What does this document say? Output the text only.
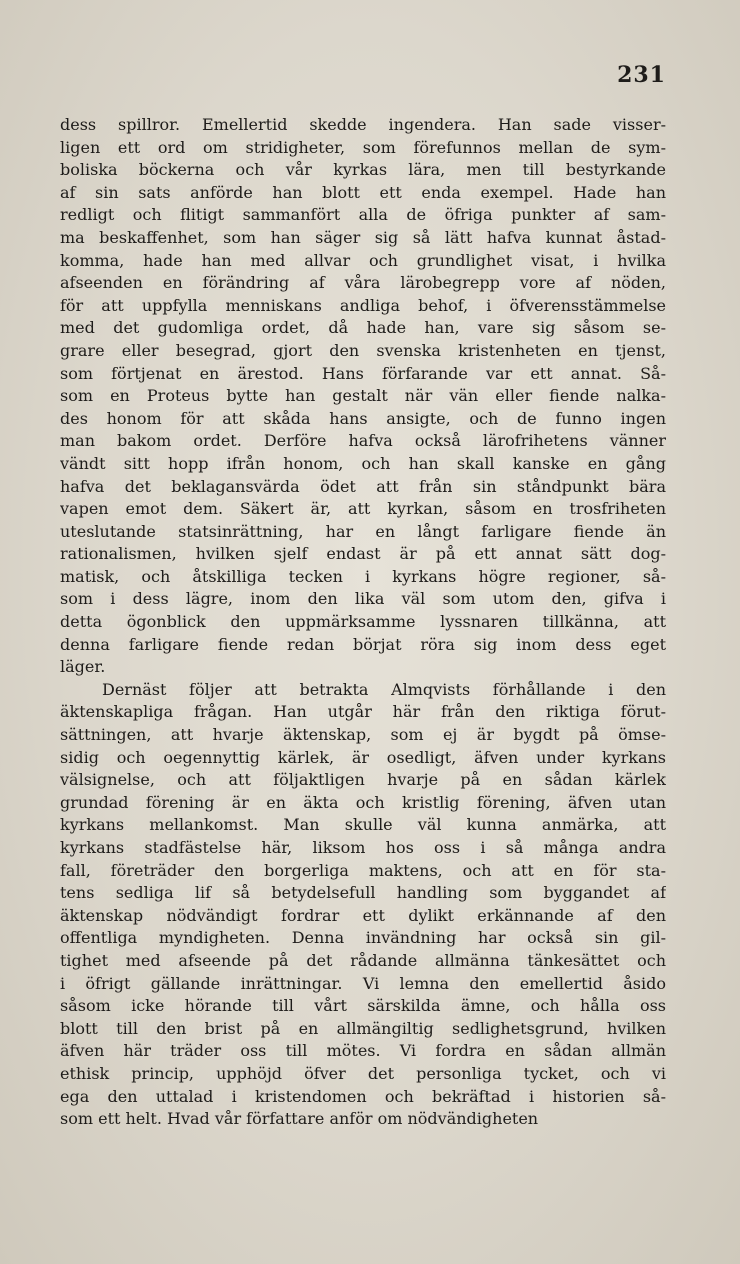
231
dess spillror. Emellertid skedde ingendera. Han sade visser-
ligen ett ord om stridigheter, som förefunnos mellan de sym-
boliska böckerna och vår kyrkas lära, men till bestyrkande
af sin sats anförde han blott ett enda exempel. Hade han
redligt och flitigt sammanfört alla de öfriga punkter af sam-
ma beskaffenhet, som han säger sig så lätt hafva kunnat åstad-
komma, hade han med allvar och grundlighet visat, i hvilka
afseenden en förändring af våra lärobegrepp vore af nöden,
för att uppfylla menniskans andliga behof, i öfverensstämmelse
med det gudomliga ordet, då hade han, vare sig såsom se-
grare eller besegrad, gjort den svenska kristenheten en tjenst,
som förtjenat en ärestod. Hans förfarande var ett annat. Så-
som en Proteus bytte han gestalt när vän eller fiende nalka-
des honom för att skåda hans ansigte, och de funno ingen
man bakom ordet. Derföre hafva också lärofrihetens vänner
vändt sitt hopp ifrån honom, och han skall kanske en gång
hafva det beklagansvärda ödet att från sin ståndpunkt bära
vapen emot dem. Säkert är, att kyrkan, såsom en trosfriheten
uteslutande statsinrättning, har en långt farligare fiende än
rationalismen, hvilken sjelf endast är på ett annat sätt dog-
matisk, och åtskilliga tecken i kyrkans högre regioner, så-
som i dess lägre, inom den lika väl som utom den, gifva i
detta ögonblick den uppmärksamme lyssnaren tillkänna, att
denna farligare fiende redan börjat röra sig inom dess eget
läger.
Dernäst följer att betrakta Almqvists förhållande i den
äktenskapliga frågan. Han utgår här från den riktiga förut-
sättningen, att hvarje äktenskap, som ej är bygdt på ömse-
sidig och oegennyttig kärlek, är osedligt, äfven under kyrkans
välsignelse, och att följaktligen hvarje på en sådan kärlek
grundad förening är en äkta och kristlig förening, äfven utan
kyrkans mellankomst. Man skulle väl kunna anmärka, att
kyrkans stadfästelse här, liksom hos oss i så många andra
fall, företräder den borgerliga maktens, och att en för sta-
tens sedliga lif så betydelsefull handling som byggandet af
äktenskap nödvändigt fordrar ett dylikt erkännande af den
offentliga myndigheten. Denna invändning har också sin gil-
tighet med afseende på det rådande allmänna tänkesättet och
i öfrigt gällande inrättningar. Vi lemna den emellertid åsido
såsom icke hörande till vårt särskilda ämne, och hålla oss
blott till den brist på en allmängiltig sedlighetsgrund, hvilken
äfven här träder oss till mötes. Vi fordra en sådan allmän
ethisk princip, upphöjd öfver det personliga tycket, och vi
ega den uttalad i kristendomen och bekräftad i historien så-
som ett helt. Hvad vår författare anför om nödvändigheten
